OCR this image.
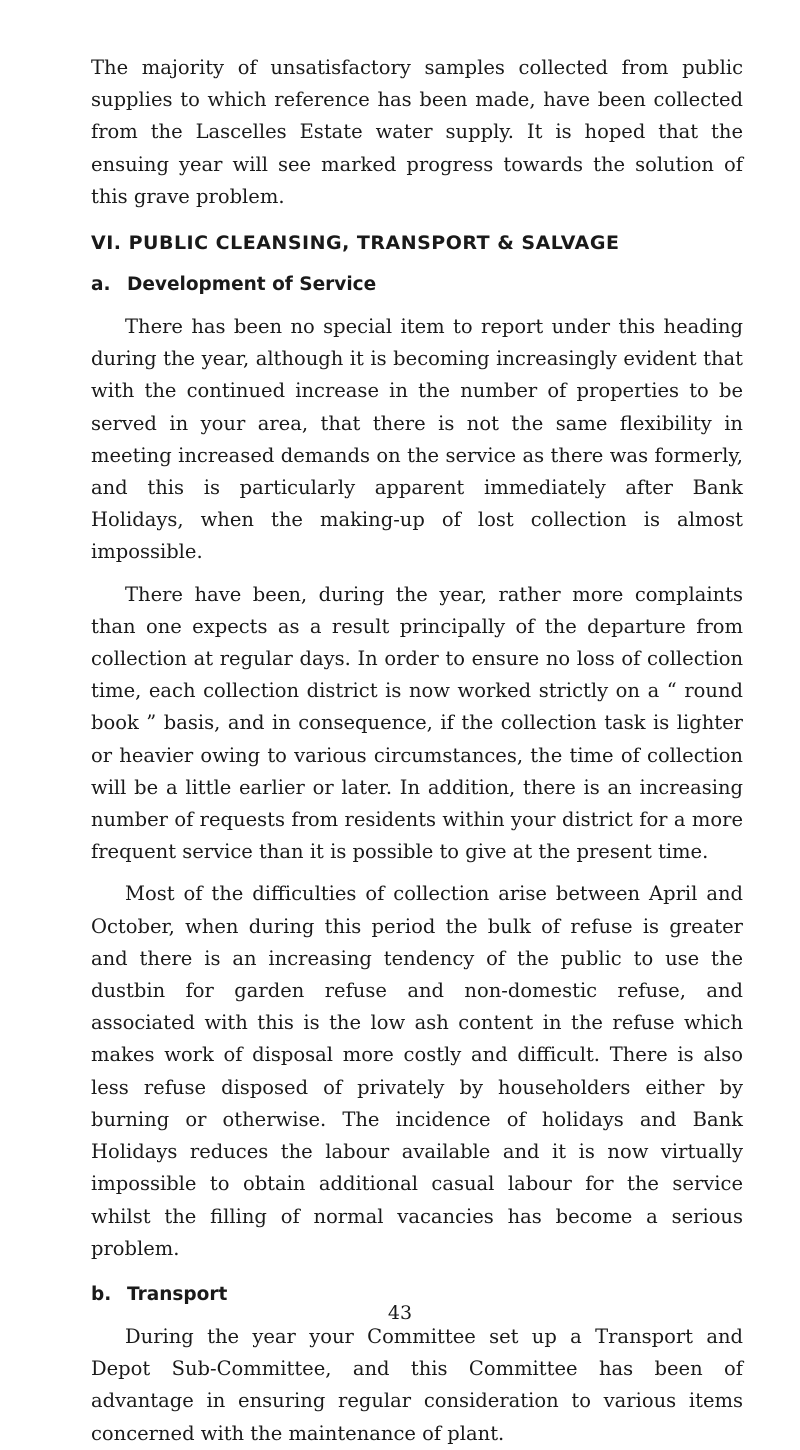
The majority of unsatisfactory samples collected from public supplies to which reference has been made, have been collected from the Lascelles Estate water supply. It is hoped that the ensuing year will see marked progress towards the solution of this grave problem.

VI. PUBLIC CLEANSING, TRANSPORT & SALVAGE
a. Development of Service

There has been no special item to report under this heading during the year, although it is becoming increasingly evident that with the continued increase in the number of properties to be served in your area, that there is not the same flexibility in meeting increased demands on the service as there was formerly, and this is particularly apparent immediately after Bank Holidays, when the making-up of lost collection is almost impossible.

There have been, during the year, rather more complaints than one expects as a result principally of the departure from collection at regular days. In order to ensure no loss of collection time, each collection district is now worked strictly on a “ round book ” basis, and in consequence, if the collection task is lighter or heavier owing to various circumstances, the time of collection will be a little earlier or later. In addition, there is an increasing number of requests from residents within your district for a more frequent service than it is possible to give at the present time.

Most of the difficulties of collection arise between April and October, when during this period the bulk of refuse is greater and there is an increasing tendency of the public to use the dustbin for garden refuse and non-domestic refuse, and associated with this is the low ash content in the refuse which makes work of disposal more costly and difficult. There is also less refuse disposed of privately by householders either by burning or otherwise. The incidence of holidays and Bank Holidays reduces the labour available and it is now virtually impossible to obtain additional casual labour for the service whilst the filling of normal vacancies has become a serious problem.

b. Transport

During the year your Committee set up a Transport and Depot Sub-Committee, and this Committee has been of advantage in ensuring regular consideration to various items concerned with the maintenance of plant.

43
